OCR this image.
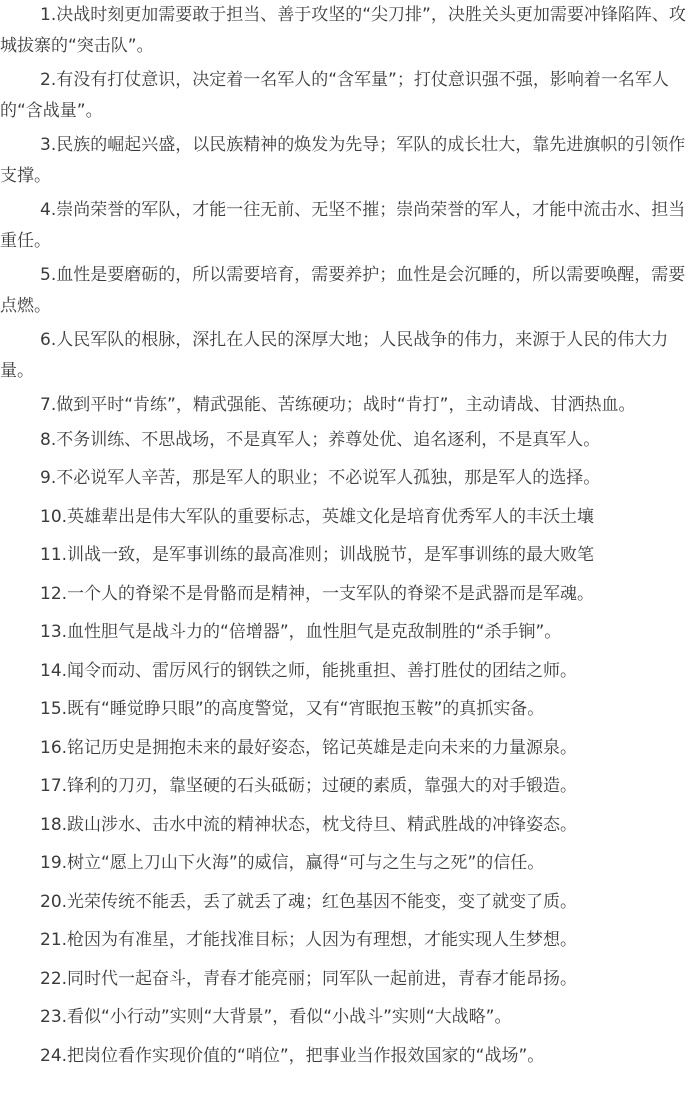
1.决战时刻更加需要敢于担当、善于攻坚的“尖刀排”，决胜关头更加需要冲锋陷阵、攻城拔寨的“突击队”。

2.有没有打仗意识，决定着一名军人的“含军量”；打仗意识强不强，影响着一名军人的“含战量”。

3.民族的崛起兴盛，以民族精神的焕发为先导；军队的成长壮大，靠先进旗帜的引领作支撑。

4.崇尚荣誉的军队，才能一往无前、无坚不摧；崇尚荣誉的军人，才能中流击水、担当重任。

5.血性是要磨砺的，所以需要培育，需要养护；血性是会沉睡的，所以需要唤醒，需要点燃。

6.人民军队的根脉，深扎在人民的深厚大地；人民战争的伟力，来源于人民的伟大力量。

7.做到平时“肯练”，精武强能、苦练硬功；战时“肯打”，主动请战、甘洒热血。

8.不务训练、不思战场，不是真军人；养尊处优、追名逐利，不是真军人。

9.不必说军人辛苦，那是军人的职业；不必说军人孤独，那是军人的选择。

10.英雄辈出是伟大军队的重要标志，英雄文化是培育优秀军人的丰沃土壤

11.训战一致，是军事训练的最高准则；训战脱节，是军事训练的最大败笔

12.一个人的脊梁不是骨骼而是精神，一支军队的脊梁不是武器而是军魂。

13.血性胆气是战斗力的“倍增器”，血性胆气是克敌制胜的“杀手锏”。

14.闻令而动、雷厉风行的钢铁之师，能挑重担、善打胜仗的团结之师。

15.既有“睡觉睁只眼”的高度警觉，又有“宵眠抱玉鞍”的真抓实备。

16.铭记历史是拥抱未来的最好姿态，铭记英雄是走向未来的力量源泉。

17.锋利的刀刃，靠坚硬的石头砥砺；过硬的素质，靠强大的对手锻造。

18.跋山涉水、击水中流的精神状态，枕戈待旦、精武胜战的冲锋姿态。

19.树立“愿上刀山下火海”的威信，赢得“可与之生与之死”的信任。

20.光荣传统不能丢，丢了就丢了魂；红色基因不能变，变了就变了质。

21.枪因为有准星，才能找准目标；人因为有理想，才能实现人生梦想。

22.同时代一起奋斗，青春才能亮丽；同军队一起前进，青春才能昂扬。

23.看似“小行动”实则“大背景”，看似“小战斗”实则“大战略”。

24.把岗位看作实现价值的“哨位”，把事业当作报效国家的“战场”。
